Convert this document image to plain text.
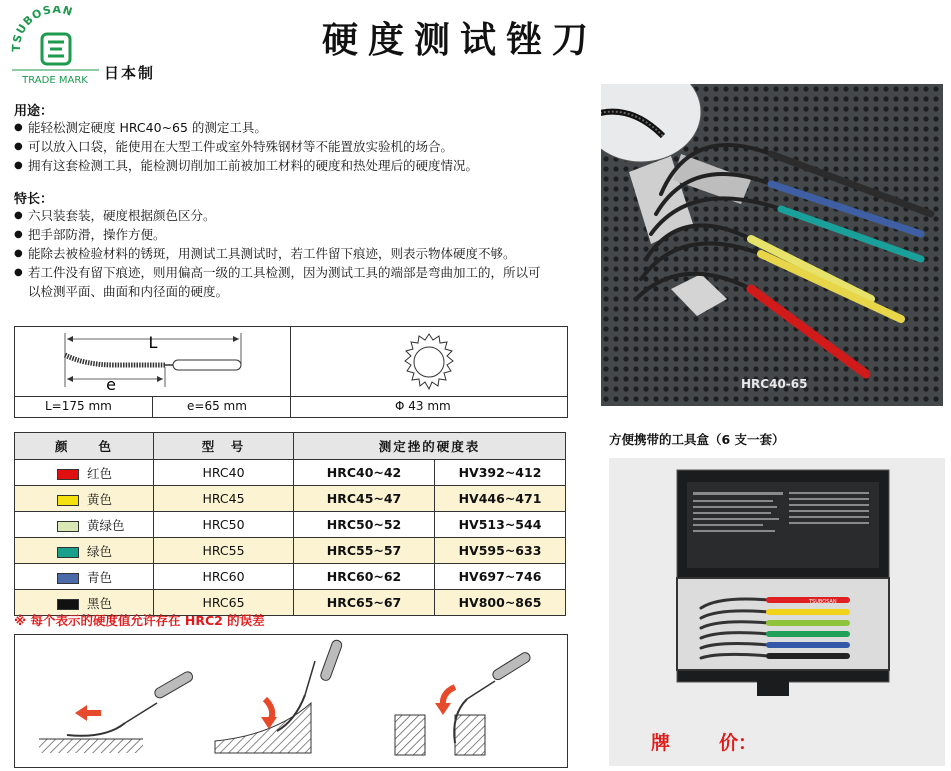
TSUBOSAN
TRADE MARK 日本制
硬度测试锉刀
用途：
● 能轻松测定硬度 HRC40~65 的测定工具。
● 可以放入口袋，能使用在大型工件或室外特殊钢材等不能置放实验机的场合。
● 拥有这套检测工具，能检测切削加工前被加工材料的硬度和热处理后的硬度情况。
特长：
● 六只装套装，硬度根据颜色区分。
● 把手部防滑，操作方便。
● 能除去被检验材料的锈斑，用测试工具测试时，若工件留下痕迹，则表示物体硬度不够。
● 若工件没有留下痕迹，则用偏高一级的工具检测，因为测试工具的端部是弯曲加工的，所以可以检测平面、曲面和内径面的硬度。
HRC40-65
L
e
L=175 mm	e=65 mm	Φ 43 mm
颜　　色	型　号	测定挫的硬度表	
红色	HRC40	HRC40~42	HV392~412
黄色	HRC45	HRC45~47	HV446~471
黄绿色	HRC50	HRC50~52	HV513~544
绿色	HRC55	HRC55~57	HV595~633
青色	HRC60	HRC60~62	HV697~746
黑色	HRC65	HRC65~67	HV800~865
※ 每个表示的硬度值允许存在 HRC2 的误差
方便携带的工具盒（6 支一套）
TSUBOSAN
牌	价：
